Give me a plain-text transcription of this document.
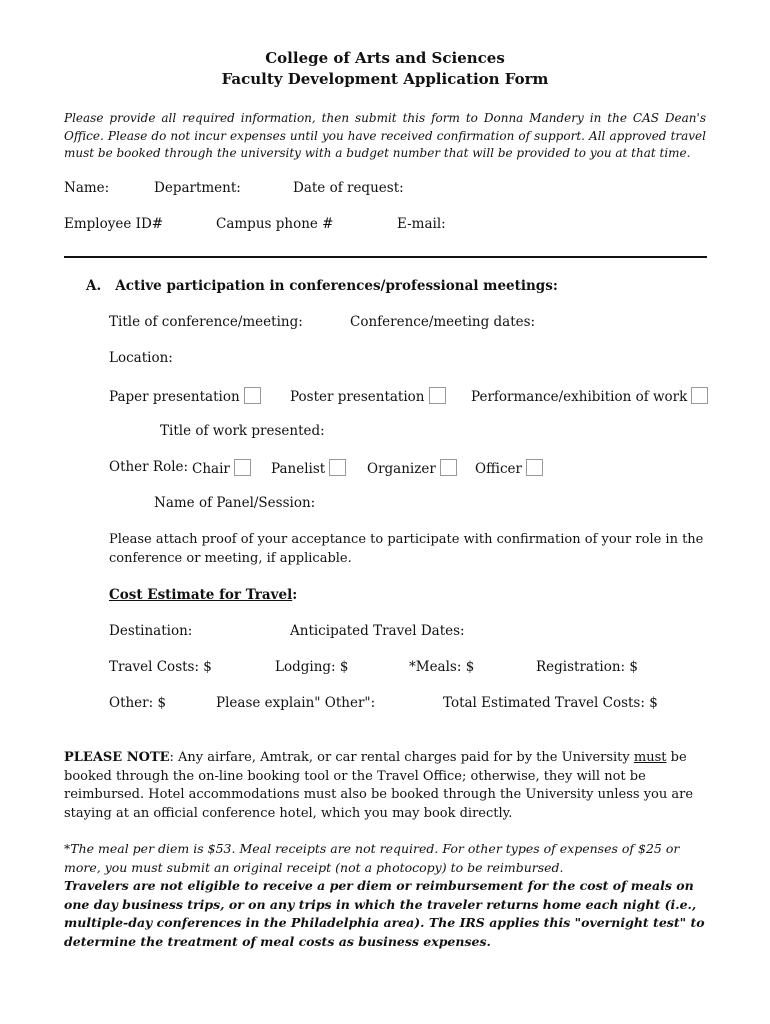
College of Arts and Sciences
Faculty Development Application Form
Please provide all required information, then submit this form to Donna Mandery in the CAS Dean's Office. Please do not incur expenses until you have received confirmation of support. All approved travel must be booked through the university with a budget number that will be provided to you at that time.
Name:	Department:	Date of request:
Employee ID#	Campus phone #	E-mail:
A.   Active participation in conferences/professional meetings:
Title of conference/meeting:	Conference/meeting dates:
Location:
Paper presentation	Poster presentation	Performance/exhibition of work
Title of work presented:
Other Role: Chair	Panelist	Organizer	Officer
Name of Panel/Session:
Please attach proof of your acceptance to participate with confirmation of your role in the conference or meeting, if applicable.
Cost Estimate for Travel:
Destination:	Anticipated Travel Dates:
Travel Costs: $	Lodging: $	*Meals: $	Registration: $
Other: $	Please explain" Other":	Total Estimated Travel Costs: $
PLEASE NOTE: Any airfare, Amtrak, or car rental charges paid for by the University must be booked through the on-line booking tool or the Travel Office; otherwise, they will not be reimbursed. Hotel accommodations must also be booked through the University unless you are staying at an official conference hotel, which you may book directly.
*The meal per diem is $53. Meal receipts are not required. For other types of expenses of $25 or more, you must submit an original receipt (not a photocopy) to be reimbursed.
Travelers are not eligible to receive a per diem or reimbursement for the cost of meals on one day business trips, or on any trips in which the traveler returns home each night (i.e., multiple-day conferences in the Philadelphia area). The IRS applies this "overnight test" to determine the treatment of meal costs as business expenses.
